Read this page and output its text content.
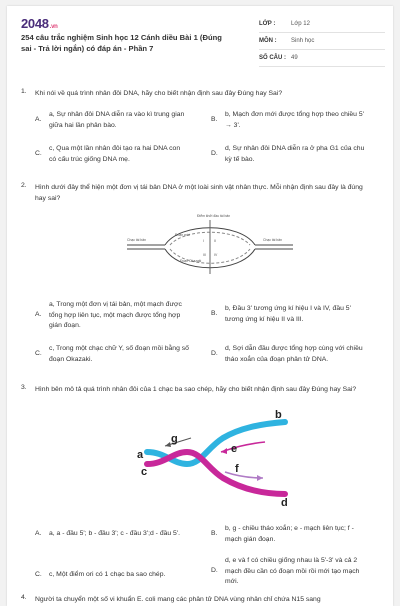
2048.vn
254 câu trắc nghiệm Sinh học 12 Cánh diều Bài 1 (Đúng sai - Trả lời ngắn) có đáp án - Phần 7
LỚP :	Lớp 12
MÔN :	Sinh học
SỐ CÂU : 49
1. Khi nói về quá trình nhân đôi DNA, hãy cho biết nhận định sau đây Đúng hay Sai?
A.
a, Sự nhân đôi DNA diễn ra vào kì trung gian giữa hai lần phân bào.
B.
b, Mạch đơn mới được tổng hợp theo chiều 5' → 3'.
C.
c, Qua một lần nhân đôi tạo ra hai DNA con có cấu trúc giống DNA mẹ.
D.
d, Sự nhân đôi DNA diễn ra ở pha G1 của chu kỳ tế bào.
2. Hình dưới đây thể hiện một đơn vị tái bản DNA ở một loài sinh vật nhân thực. Mỗi nhận định sau đây là đúng hay sai?
Điểm khởi đầu tái bản
Chạc tái bản	Chạc tái bản
I	II
III IV
Đoạn mồi
Đoạn Okazaki
A.
a, Trong một đơn vị tái bản, một mạch được tổng hợp liên tục, một mạch được tổng hợp gián đoạn.
B.
b, Đầu 3' tương ứng kí hiệu I và IV, đầu 5' tương ứng kí hiệu II và III.
C.
c, Trong một chạc chữ Y, số đoạn mồi bằng số đoạn Okazaki.
D.
d, Sợi dẫn đầu được tổng hợp cùng với chiều tháo xoắn của đoạn phân tử DNA.
3. Hình bên mô tả quá trình nhân đôi của 1 chạc ba sao chép, hãy cho biết nhận định sau đây Đúng hay Sai?
a
b
c
d
e
f
g
A.	a, a - đầu 5'; b - đầu 3'; c - đầu 3';d - đầu 5'.	B.
b, g - chiều tháo xoắn; e - mạch liên tục; f - mạch gián đoạn.
C.	c, Một điểm ori có 1 chạc ba sao chép.
D.
d, e và f có chiều giống nhau là 5'-3' và cả 2 mạch đều cần có đoạn mồi rồi mới tạo mạch mới.
4. Người ta chuyển một số vi khuẩn E. coli mang các phân tử DNA vùng nhân chỉ chứa N15 sang
